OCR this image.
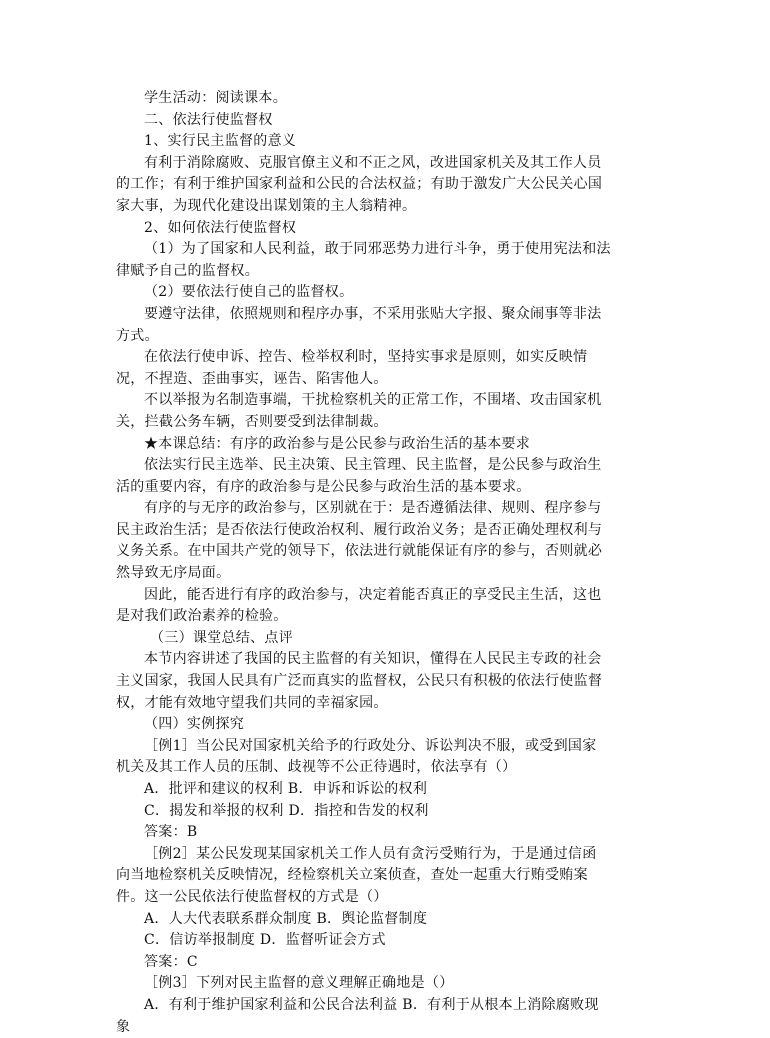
学生活动：阅读课本。
二、依法行使监督权
1、实行民主监督的意义
有利于消除腐败、克服官僚主义和不正之风，改进国家机关及其工作人员
的工作；有利于维护国家利益和公民的合法权益；有助于激发广大公民关心国
家大事，为现代化建设出谋划策的主人翁精神。
2、如何依法行使监督权
（1）为了国家和人民利益，敢于同邪恶势力进行斗争，勇于使用宪法和法
律赋予自己的监督权。
（2）要依法行使自己的监督权。
要遵守法律，依照规则和程序办事，不采用张贴大字报、聚众闹事等非法
方式。
在依法行使申诉、控告、检举权利时，坚持实事求是原则，如实反映情
况，不捏造、歪曲事实，诬告、陷害他人。
不以举报为名制造事端，干扰检察机关的正常工作，不围堵、攻击国家机
关，拦截公务车辆，否则要受到法律制裁。
★本课总结：有序的政治参与是公民参与政治生活的基本要求
依法实行民主选举、民主决策、民主管理、民主监督，是公民参与政治生
活的重要内容，有序的政治参与是公民参与政治生活的基本要求。
有序的与无序的政治参与，区别就在于：是否遵循法律、规则、程序参与
民主政治生活；是否依法行使政治权利、履行政治义务；是否正确处理权利与
义务关系。在中国共产党的领导下，依法进行就能保证有序的参与，否则就必
然导致无序局面。
因此，能否进行有序的政治参与，决定着能否真正的享受民主生活，这也
是对我们政治素养的检验。
（三）课堂总结、点评
本节内容讲述了我国的民主监督的有关知识，懂得在人民民主专政的社会
主义国家，我国人民具有广泛而真实的监督权，公民只有积极的依法行使监督
权，才能有效地守望我们共同的幸福家园。
（四）实例探究
［例1］当公民对国家机关给予的行政处分、诉讼判决不服，或受到国家
机关及其工作人员的压制、歧视等不公正待遇时，依法享有（）
A．批评和建议的权利 B．申诉和诉讼的权利
C．揭发和举报的权利 D．指控和告发的权利
答案：B
［例2］某公民发现某国家机关工作人员有贪污受贿行为，于是通过信函
向当地检察机关反映情况，经检察机关立案侦查，查处一起重大行贿受贿案
件。这一公民依法行使监督权的方式是（）
A．人大代表联系群众制度 B．舆论监督制度
C．信访举报制度 D．监督听证会方式
答案：C
［例3］下列对民主监督的意义理解正确地是（）
A．有利于维护国家利益和公民合法利益 B．有利于从根本上消除腐败现
象
